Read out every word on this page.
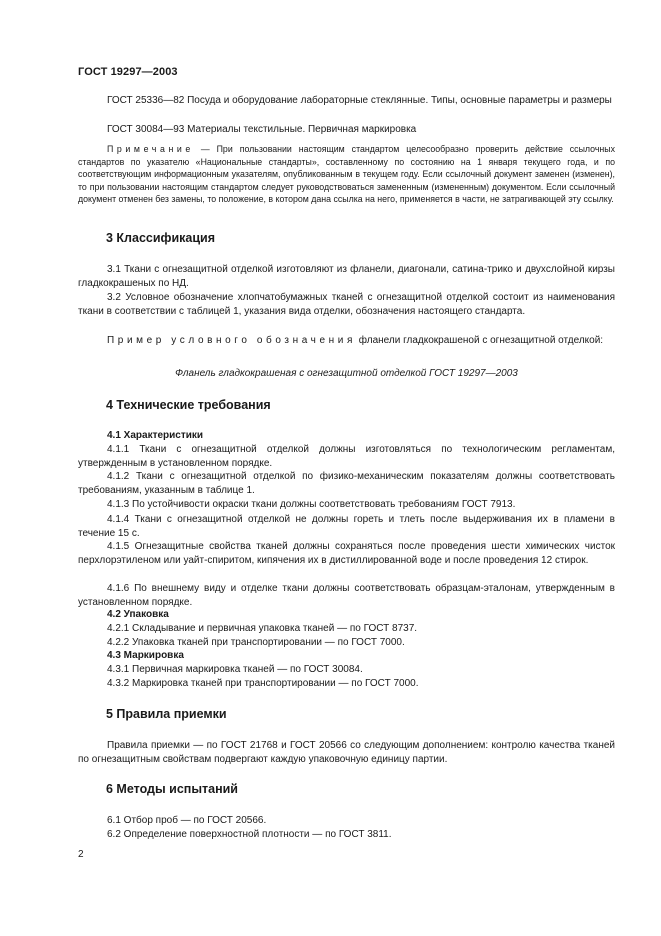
ГОСТ 19297—2003

ГОСТ 25336—82 Посуда и оборудование лабораторные стеклянные. Типы, основные параметры и размеры

ГОСТ 30084—93 Материалы текстильные. Первичная маркировка

Примечание — При пользовании настоящим стандартом целесообразно проверить действие ссылочных стандартов по указателю «Национальные стандарты», составленному по состоянию на 1 января текущего года, и по соответствующим информационным указателям, опубликованным в текущем году. Если ссылочный документ заменен (изменен), то при пользовании настоящим стандартом следует руководствоваться замененным (измененным) документом. Если ссылочный документ отменен без замены, то положение, в котором дана ссылка на него, применяется в части, не затрагивающей эту ссылку.

3 Классификация

3.1 Ткани с огнезащитной отделкой изготовляют из фланели, диагонали, сатина-трико и двухслойной кирзы гладкокрашеных по НД.

3.2 Условное обозначение хлопчатобумажных тканей с огнезащитной отделкой состоит из наименования ткани в соответствии с таблицей 1, указания вида отделки, обозначения настоящего стандарта.

Пример условного обозначения фланели гладкокрашеной с огнезащитной отделкой:

Фланель гладкокрашеная с огнезащитной отделкой ГОСТ 19297—2003

4 Технические требования

4.1 Характеристики

4.1.1 Ткани с огнезащитной отделкой должны изготовляться по технологическим регламентам, утвержденным в установленном порядке.

4.1.2 Ткани с огнезащитной отделкой по физико-механическим показателям должны соответствовать требованиям, указанным в таблице 1.

4.1.3 По устойчивости окраски ткани должны соответствовать требованиям ГОСТ 7913.

4.1.4 Ткани с огнезащитной отделкой не должны гореть и тлеть после выдерживания их в пламени в течение 15 с.

4.1.5 Огнезащитные свойства тканей должны сохраняться после проведения шести химических чисток перхлорэтиленом или уайт-спиритом, кипячения их в дистиллированной воде и после проведения 12 стирок.

4.1.6 По внешнему виду и отделке ткани должны соответствовать образцам-эталонам, утвержденным в установленном порядке.

4.2 Упаковка

4.2.1 Складывание и первичная упаковка тканей — по ГОСТ 8737.

4.2.2 Упаковка тканей при транспортировании — по ГОСТ 7000.

4.3 Маркировка

4.3.1 Первичная маркировка тканей — по ГОСТ 30084.

4.3.2 Маркировка тканей при транспортировании — по ГОСТ 7000.

5 Правила приемки

Правила приемки — по ГОСТ 21768 и ГОСТ 20566 со следующим дополнением: контролю качества тканей по огнезащитным свойствам подвергают каждую упаковочную единицу партии.

6 Методы испытаний

6.1 Отбор проб — по ГОСТ 20566.

6.2 Определение поверхностной плотности — по ГОСТ 3811.

2
